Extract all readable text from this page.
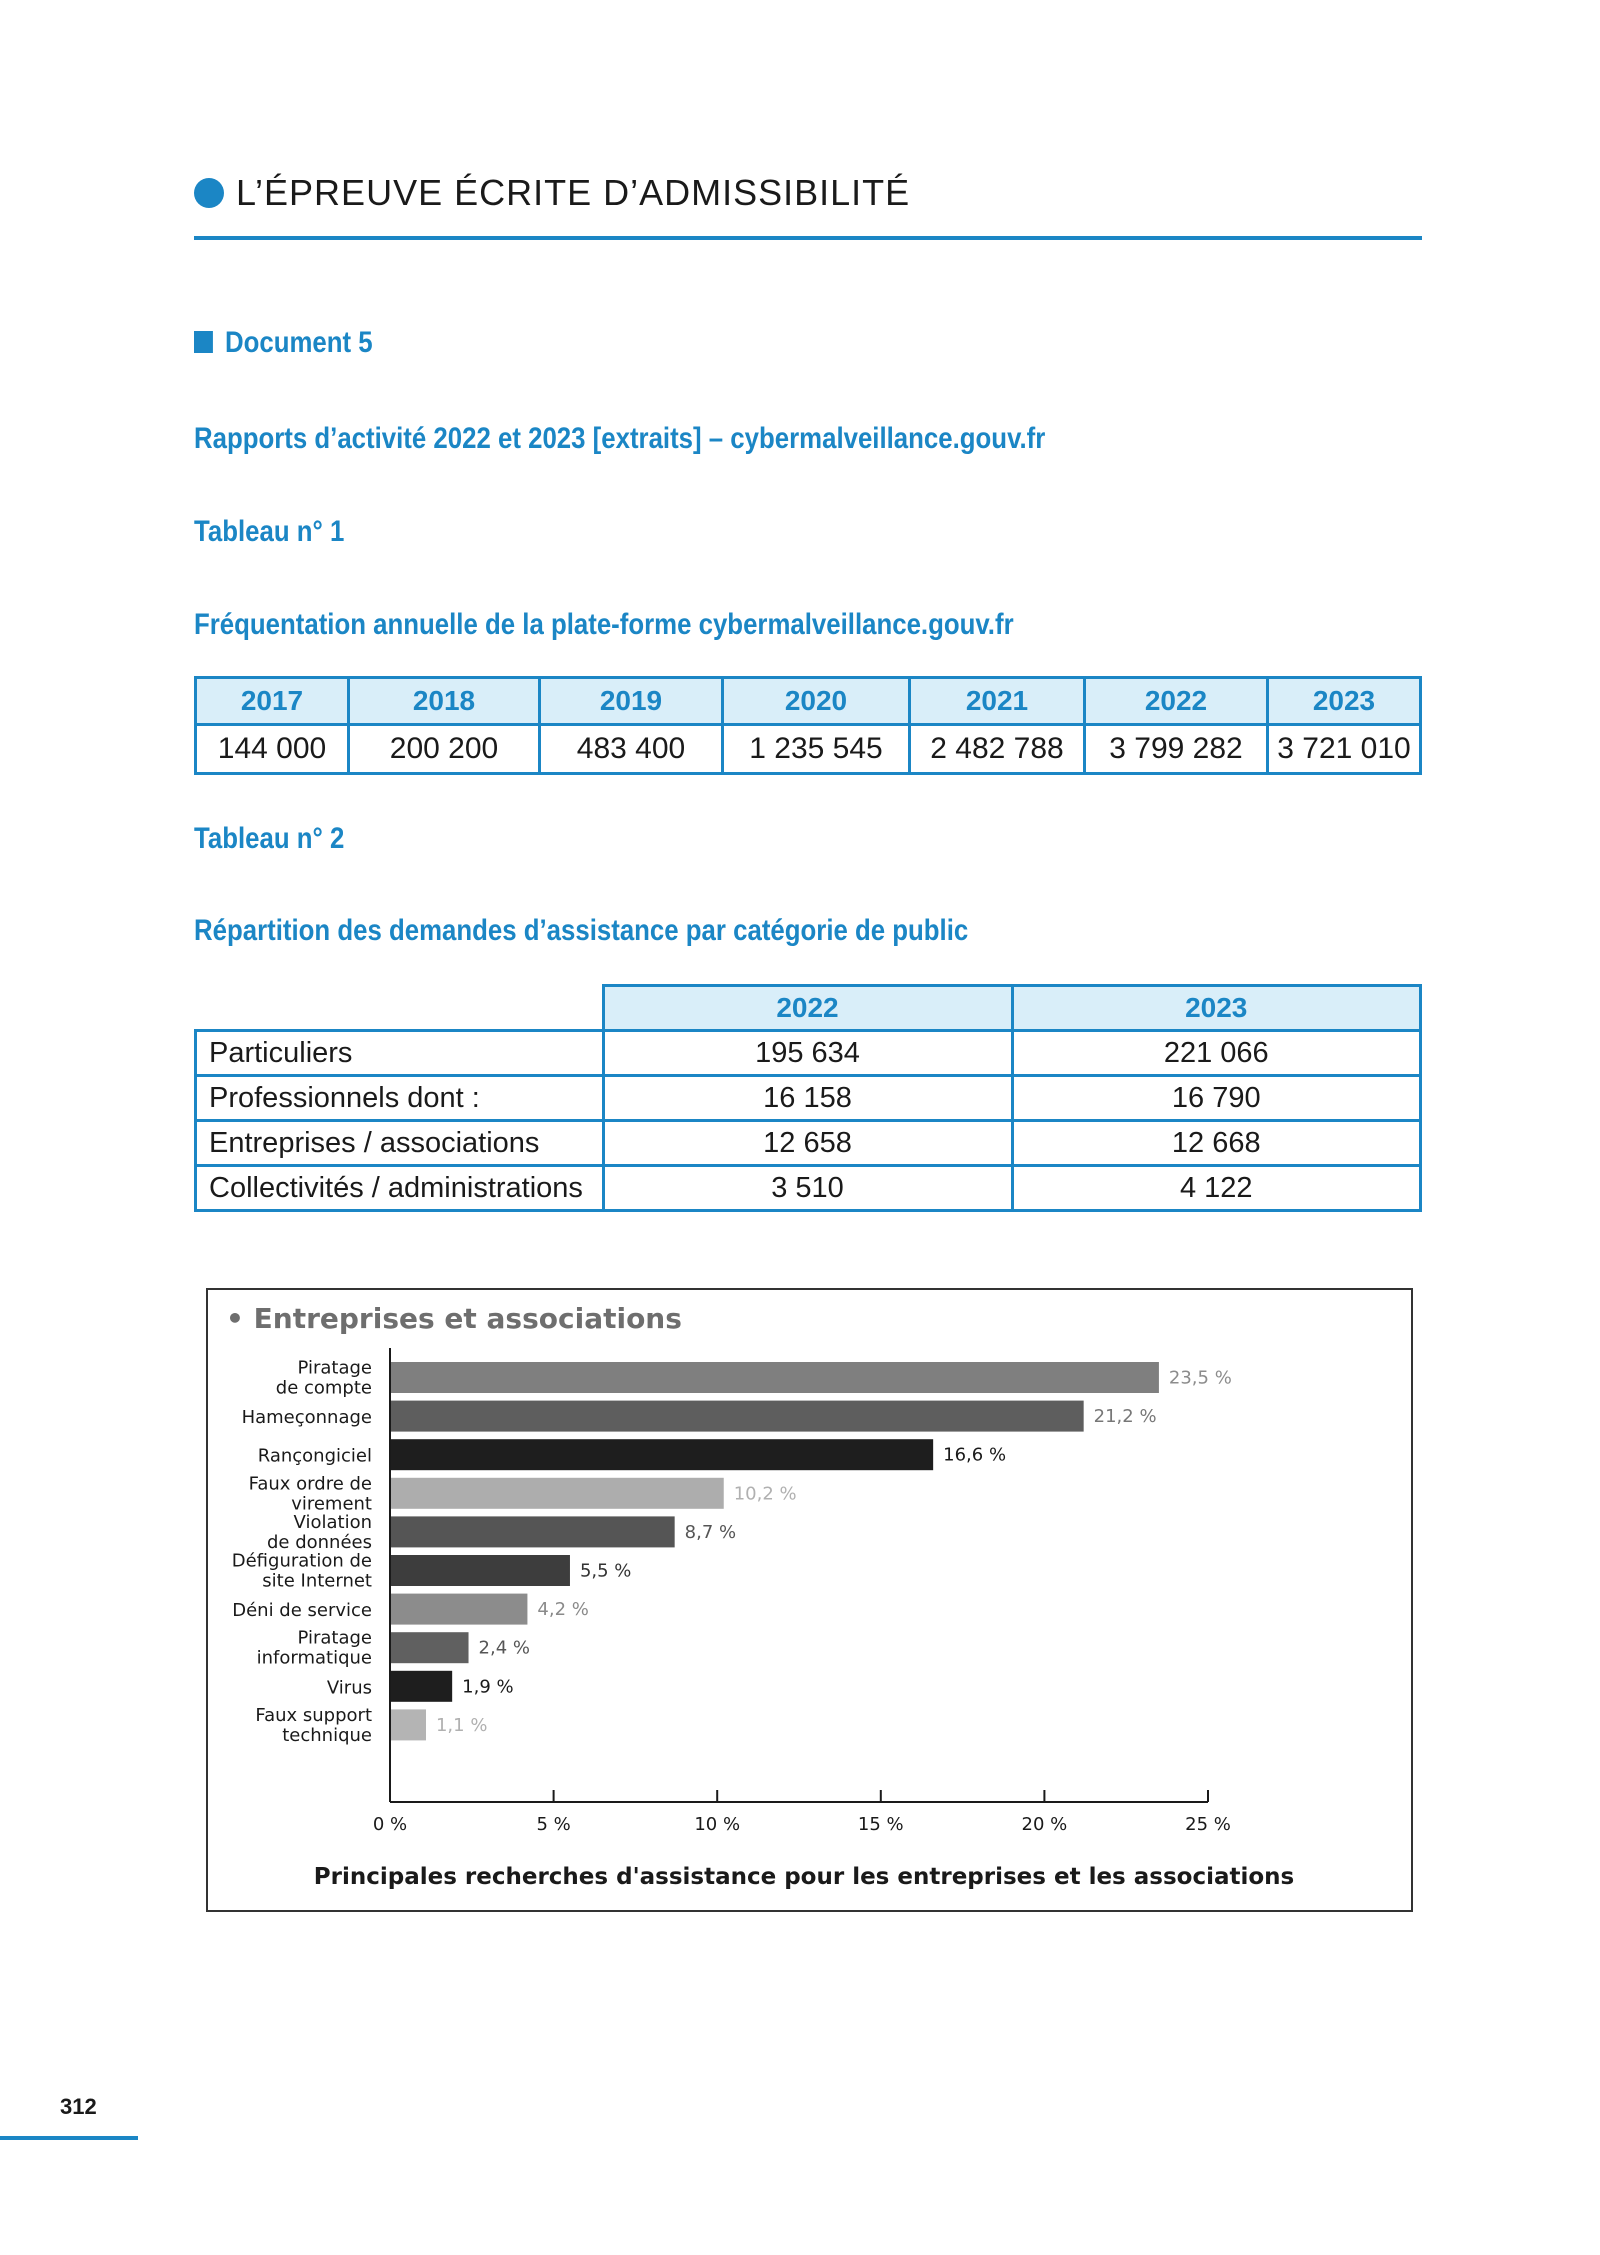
L’ÉPREUVE ÉCRITE D’ADMISSIBILITÉ
Document 5
Rapports d’activité 2022 et 2023 [extraits] – cybermalveillance.gouv.fr
Tableau n° 1
Fréquentation annuelle de la plate-forme cybermalveillance.gouv.fr
2017	2018	2019	2020	2021	2022	2023
144 000	200 200	483 400	1 235 545	2 482 788	3 799 282	3 721 010
Tableau n° 2
Répartition des demandes d’assistance par catégorie de public
	2022	2023
Particuliers	195 634	221 066
Professionnels dont :	16 158	16 790
Entreprises / associations	12 658	12 668
Collectivités / administrations	3 510	4 122
• Entreprises et associations
23,5 %
Piratage
de compte
21,2 %
Hameçonnage
16,6 %
Rançongiciel
10,2 %
Faux ordre de
virement
8,7 %
Violation
de données
5,5 %
Défiguration de
site Internet
4,2 %
Déni de service
2,4 %
Piratage
informatique
1,9 %
Virus
1,1 %
Faux support
technique
0 %	5 %	10 %	15 %	20 %	25 %
Principales recherches d'assistance pour les entreprises et les associations
312
